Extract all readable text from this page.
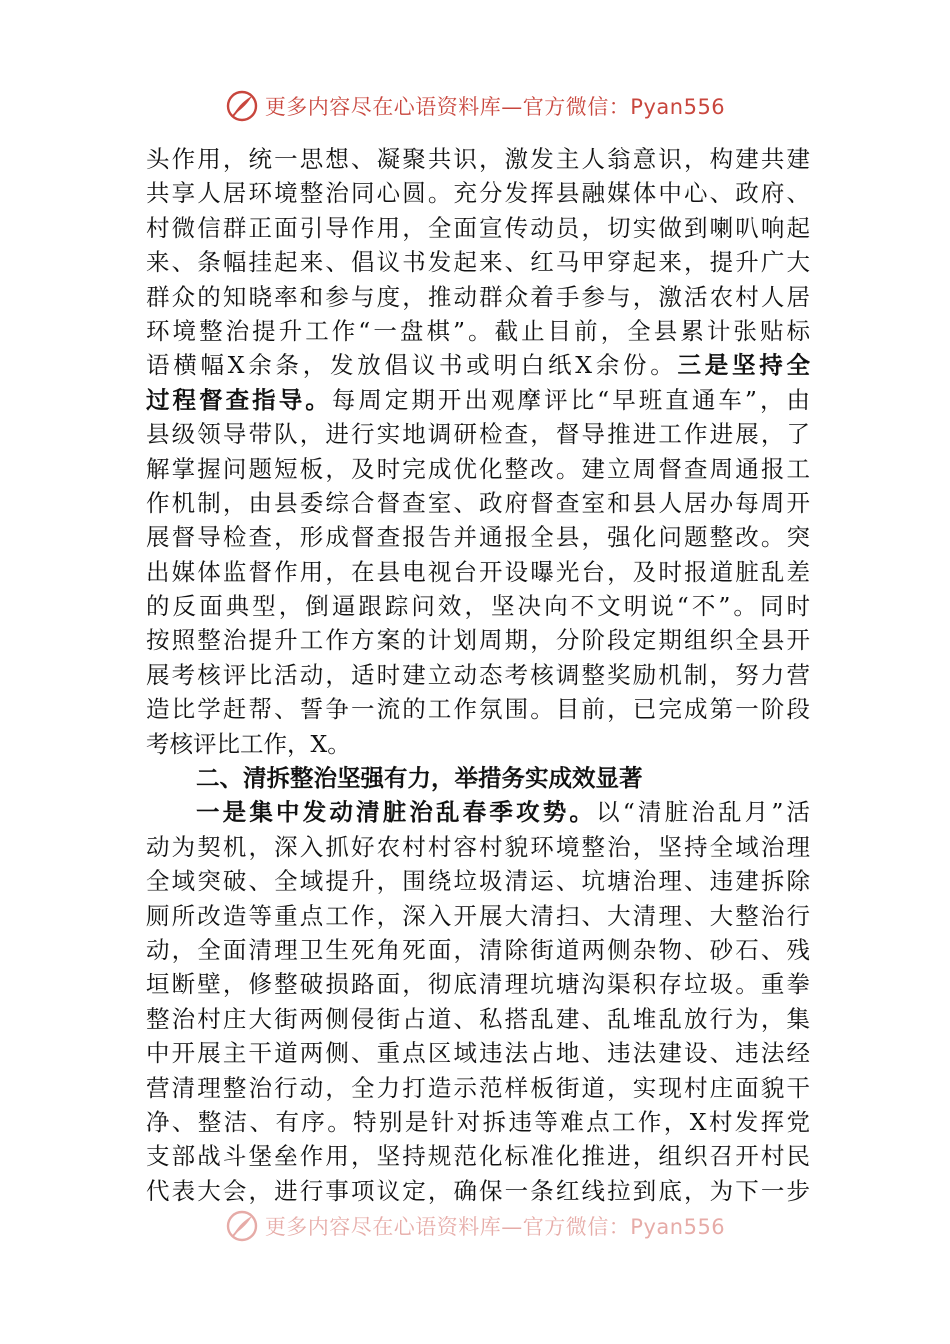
更多内容尽在心语资料库—官方微信：Pyan556
头作用，统一思想、凝聚共识，激发主人翁意识，构建共建
共享人居环境整治同心圆。充分发挥县融媒体中心、政府、
村微信群正面引导作用，全面宣传动员，切实做到喇叭响起
来、条幅挂起来、倡议书发起来、红马甲穿起来，提升广大
群众的知晓率和参与度，推动群众着手参与，激活农村人居
环境整治提升工作“一盘棋”。截止目前，全县累计张贴标
语横幅X余条，发放倡议书或明白纸X余份。三是坚持全
过程督查指导。每周定期开出观摩评比“早班直通车”，由
县级领导带队，进行实地调研检查，督导推进工作进展，了
解掌握问题短板，及时完成优化整改。建立周督查周通报工
作机制，由县委综合督查室、政府督查室和县人居办每周开
展督导检查，形成督查报告并通报全县，强化问题整改。突
出媒体监督作用，在县电视台开设曝光台，及时报道脏乱差
的反面典型，倒逼跟踪问效，坚决向不文明说“不”。同时
按照整治提升工作方案的计划周期，分阶段定期组织全县开
展考核评比活动，适时建立动态考核调整奖励机制，努力营
造比学赶帮、誓争一流的工作氛围。目前，已完成第一阶段
考核评比工作，X。
二、清拆整治坚强有力，举措务实成效显著
一是集中发动清脏治乱春季攻势。以“清脏治乱月”活
动为契机，深入抓好农村村容村貌环境整治，坚持全域治理
全域突破、全域提升，围绕垃圾清运、坑塘治理、违建拆除
厕所改造等重点工作，深入开展大清扫、大清理、大整治行
动，全面清理卫生死角死面，清除街道两侧杂物、砂石、残
垣断壁，修整破损路面，彻底清理坑塘沟渠积存垃圾。重拳
整治村庄大街两侧侵街占道、私搭乱建、乱堆乱放行为，集
中开展主干道两侧、重点区域违法占地、违法建设、违法经
营清理整治行动，全力打造示范样板街道，实现村庄面貌干
净、整洁、有序。特别是针对拆违等难点工作，X村发挥党
支部战斗堡垒作用，坚持规范化标准化推进，组织召开村民
代表大会，进行事项议定，确保一条红线拉到底，为下一步
更多内容尽在心语资料库—官方微信：Pyan556
